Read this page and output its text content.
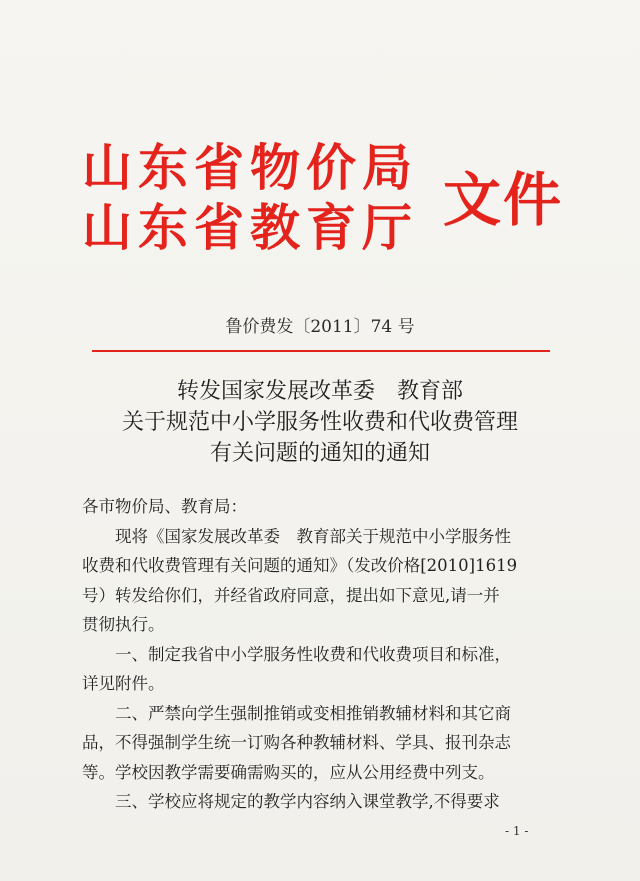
山东省物价局
山东省教育厅 文件
鲁价费发〔2011〕74 号
转发国家发展改革委　教育部
关于规范中小学服务性收费和代收费管理
有关问题的通知的通知

各市物价局、教育局：

现将《国家发展改革委　教育部关于规范中小学服务性
收费和代收费管理有关问题的通知》（发改价格[2010]1619
号）转发给你们，并经省政府同意，提出如下意见,请一并
贯彻执行。

一、制定我省中小学服务性收费和代收费项目和标准，
详见附件。

二、严禁向学生强制推销或变相推销教辅材料和其它商
品，不得强制学生统一订购各种教辅材料、学具、报刊杂志
等。学校因教学需要确需购买的，应从公用经费中列支。

三、学校应将规定的教学内容纳入课堂教学,不得要求

- 1 -
